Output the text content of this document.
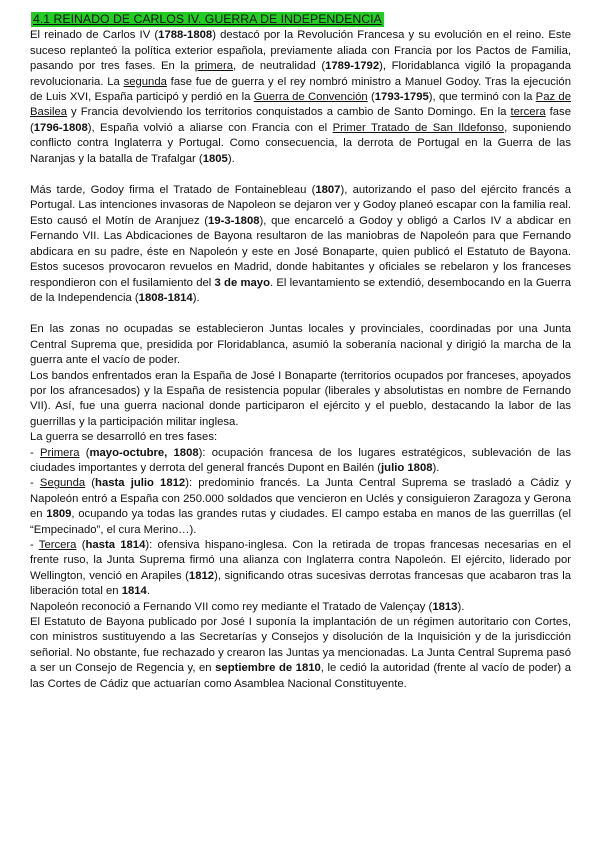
4.1 REINADO DE CARLOS IV. GUERRA DE INDEPENDENCIA

El reinado de Carlos IV (1788-1808) destacó por la Revolución Francesa y su evolución en el reino. Este suceso replanteó la política exterior española, previamente aliada con Francia por los Pactos de Familia, pasando por tres fases. En la primera, de neutralidad (1789-1792), Floridablanca vigiló la propaganda revolucionaria. La segunda fase fue de guerra y el rey nombró ministro a Manuel Godoy. Tras la ejecución de Luis XVI, España participó y perdió en la Guerra de Convención (1793-1795), que terminó con la Paz de Basilea y Francia devolviendo los territorios conquistados a cambio de Santo Domingo. En la tercera fase (1796-1808), España volvió a aliarse con Francia con el Primer Tratado de San Ildefonso, suponiendo conflicto contra Inglaterra y Portugal. Como consecuencia, la derrota de Portugal en la Guerra de las Naranjas y la batalla de Trafalgar (1805).

Más tarde, Godoy firma el Tratado de Fontainebleau (1807), autorizando el paso del ejército francés a Portugal. Las intenciones invasoras de Napoleon se dejaron ver y Godoy planeó escapar con la familia real. Esto causó el Motín de Aranjuez (19-3-1808), que encarceló a Godoy y obligó a Carlos IV a abdicar en Fernando VII. Las Abdicaciones de Bayona resultaron de las maniobras de Napoleón para que Fernando abdicara en su padre, éste en Napoleón y este en José Bonaparte, quien publicó el Estatuto de Bayona. Estos sucesos provocaron revuelos en Madrid, donde habitantes y oficiales se rebelaron y los franceses respondieron con el fusilamiento del 3 de mayo. El levantamiento se extendió, desembocando en la Guerra de la Independencia (1808-1814).

En las zonas no ocupadas se establecieron Juntas locales y provinciales, coordinadas por una Junta Central Suprema que, presidida por Floridablanca, asumió la soberanía nacional y dirigió la marcha de la guerra ante el vacío de poder.

Los bandos enfrentados eran la España de José I Bonaparte (territorios ocupados por franceses, apoyados por los afrancesados) y la España de resistencia popular (liberales y absolutistas en nombre de Fernando VII). Así, fue una guerra nacional donde participaron el ejército y el pueblo, destacando la labor de las guerrillas y la participación militar inglesa.

La guerra se desarrolló en tres fases:

- Primera (mayo-octubre, 1808): ocupación francesa de los lugares estratégicos, sublevación de las ciudades importantes y derrota del general francés Dupont en Bailén (julio 1808).

- Segunda (hasta julio 1812): predominio francés. La Junta Central Suprema se trasladó a Cádiz y Napoleón entró a España con 250.000 soldados que vencieron en Uclés y consiguieron Zaragoza y Gerona en 1809, ocupando ya todas las grandes rutas y ciudades. El campo estaba en manos de las guerrillas (el “Empecinado”, el cura Merino…).

- Tercera (hasta 1814): ofensiva hispano-inglesa. Con la retirada de tropas francesas necesarias en el frente ruso, la Junta Suprema firmó una alianza con Inglaterra contra Napoleón. El ejército, liderado por Wellington, venció en Arapiles (1812), significando otras sucesivas derrotas francesas que acabaron tras la liberación total en 1814.

Napoleón reconoció a Fernando VII como rey mediante el Tratado de Valençay (1813).

El Estatuto de Bayona publicado por José I suponía la implantación de un régimen autoritario con Cortes, con ministros sustituyendo a las Secretarías y Consejos y disolución de la Inquisición y de la jurisdicción señorial. No obstante, fue rechazado y crearon las Juntas ya mencionadas. La Junta Central Suprema pasó a ser un Consejo de Regencia y, en septiembre de 1810, le cedió la autoridad (frente al vacío de poder) a las Cortes de Cádiz que actuarían como Asamblea Nacional Constituyente.
